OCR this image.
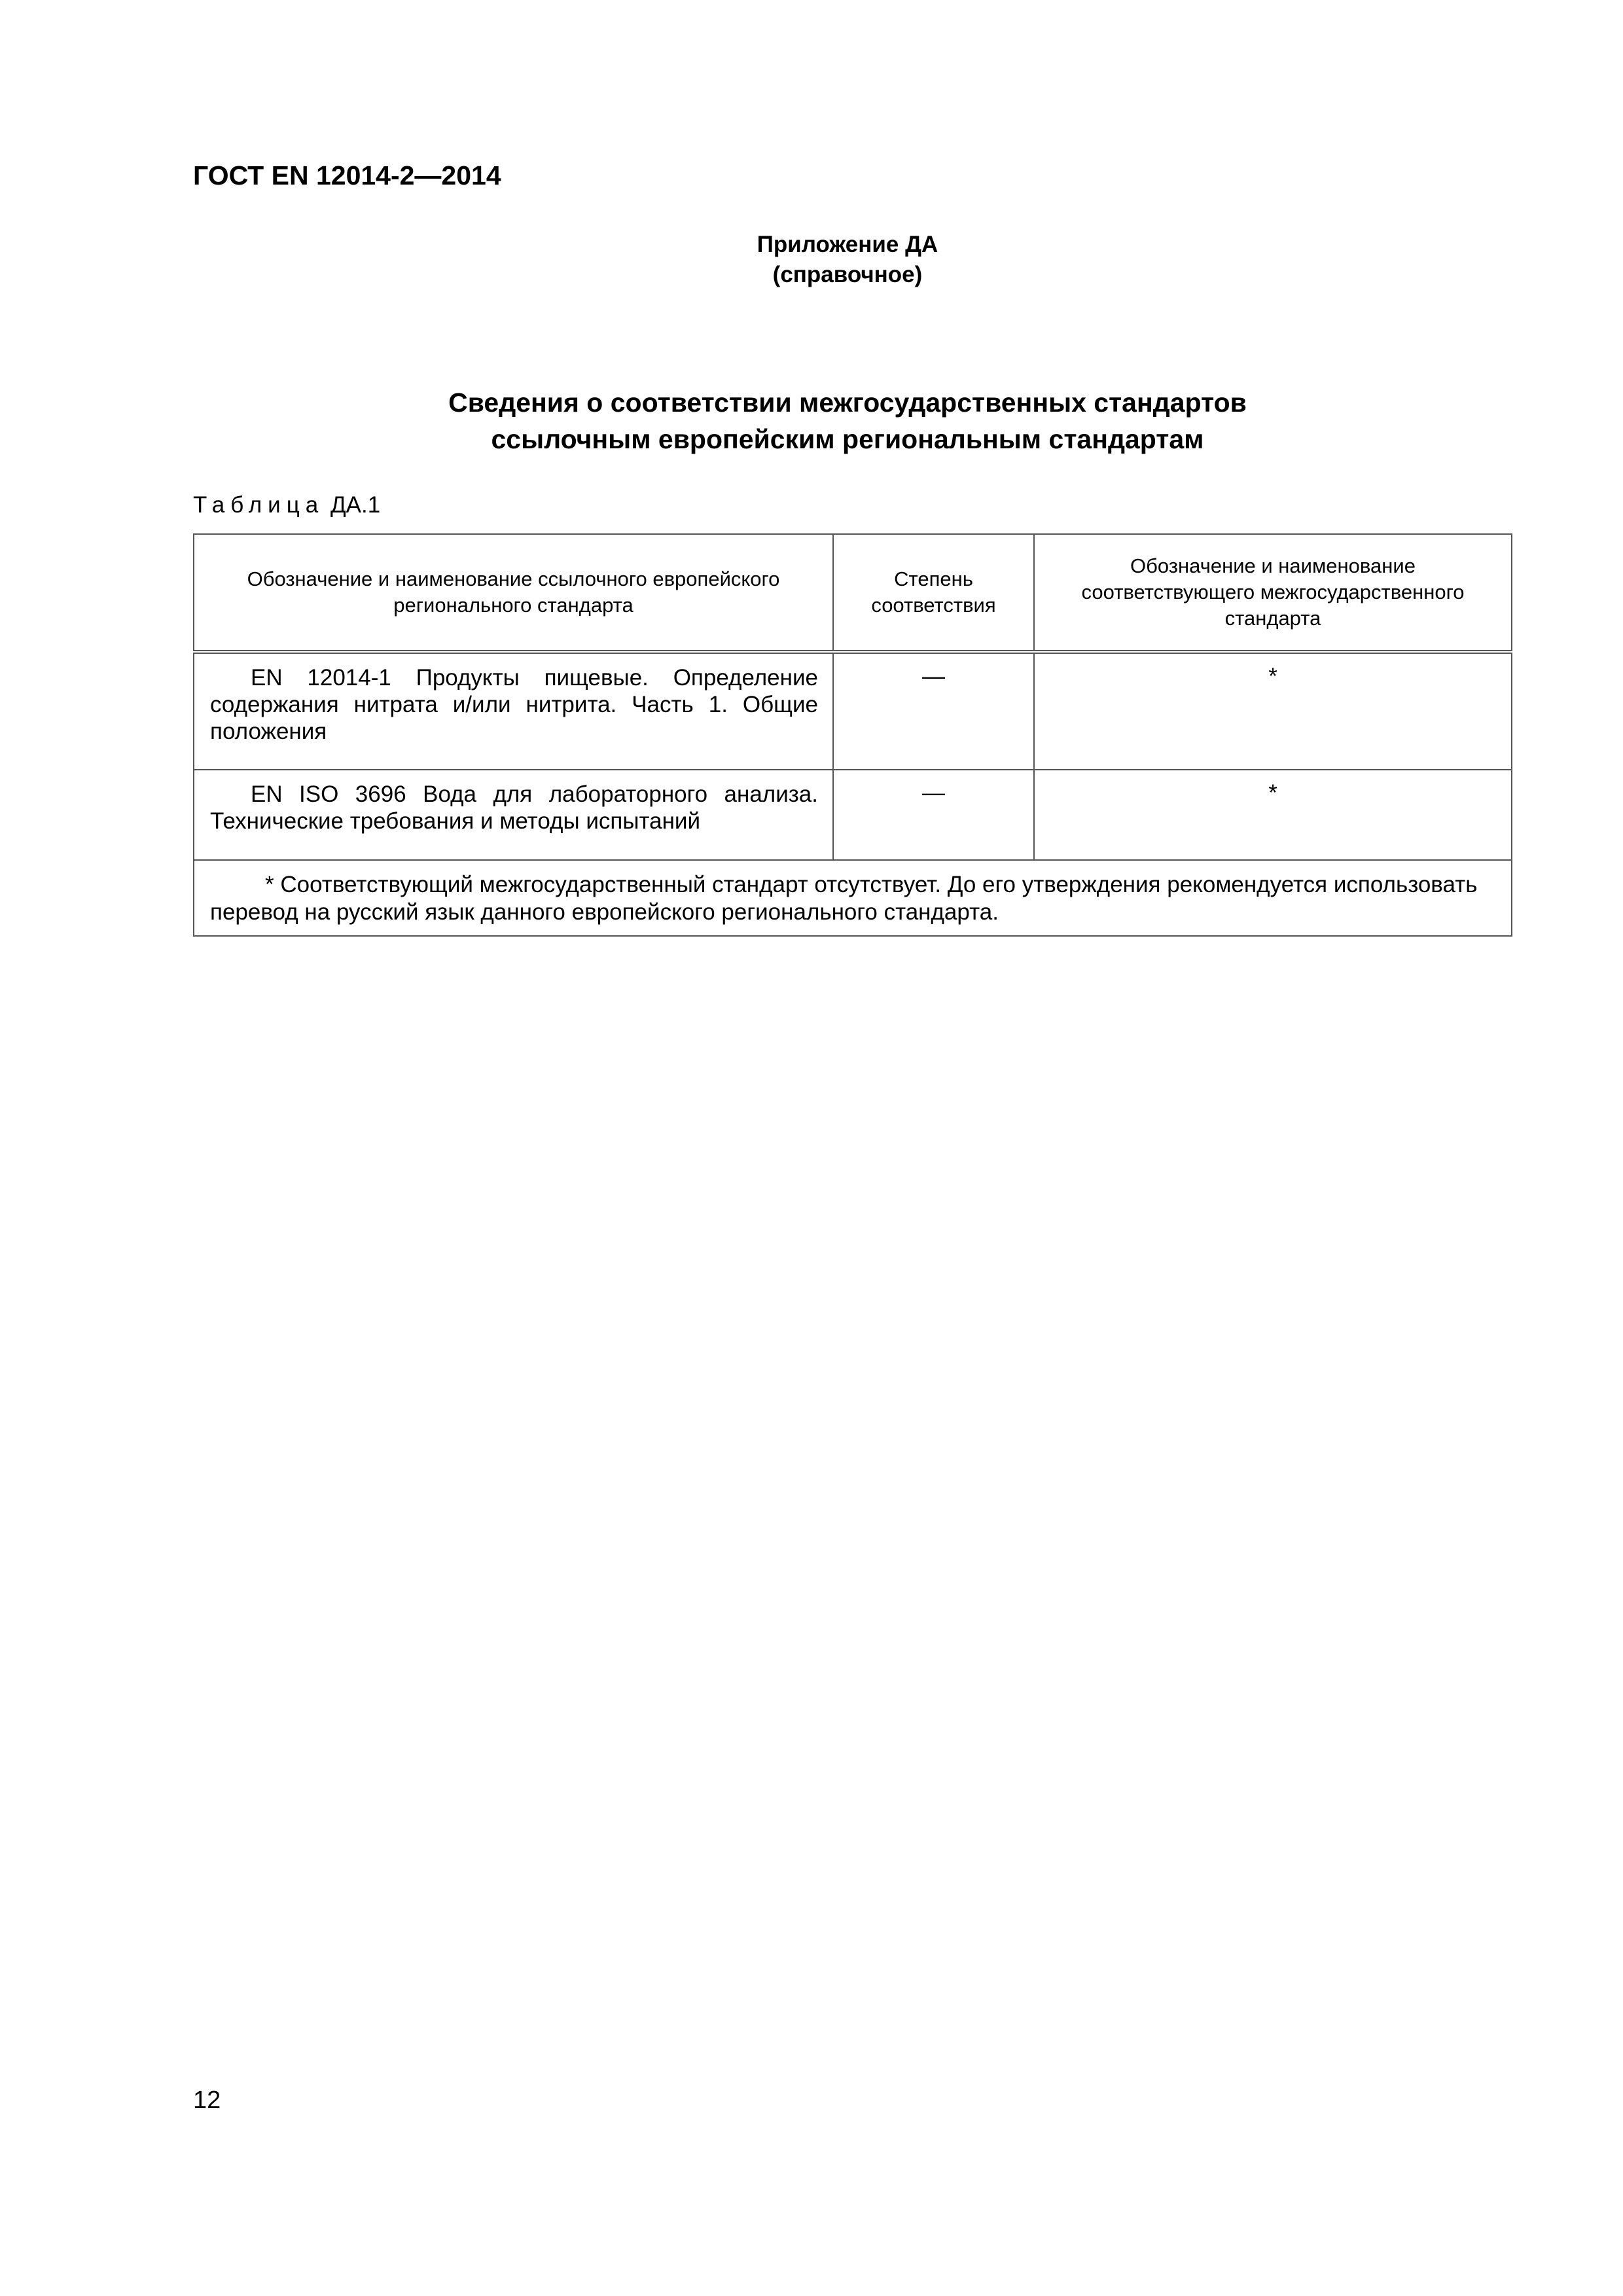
ГОСТ EN 12014-2—2014
Приложение ДА
(справочное)
Сведения о соответствии межгосударственных стандартов
ссылочным европейским региональным стандартам
Таблица ДА.1
Обозначение и наименование ссылочного европейского регионального стандарта	Степень соответствия	Обозначение и наименование соответствующего межгосударственного стандарта
EN 12014-1 Продукты пищевые. Определение содержания нитрата и/или нитрита. Часть 1. Общие положения	—	*
EN ISO 3696 Вода для лабораторного анализа. Технические требования и методы испытаний	—	*
* Соответствующий межгосударственный стандарт отсутствует. До его утверждения рекомендуется использовать перевод на русский язык данного европейского регионального стандарта.		
12
